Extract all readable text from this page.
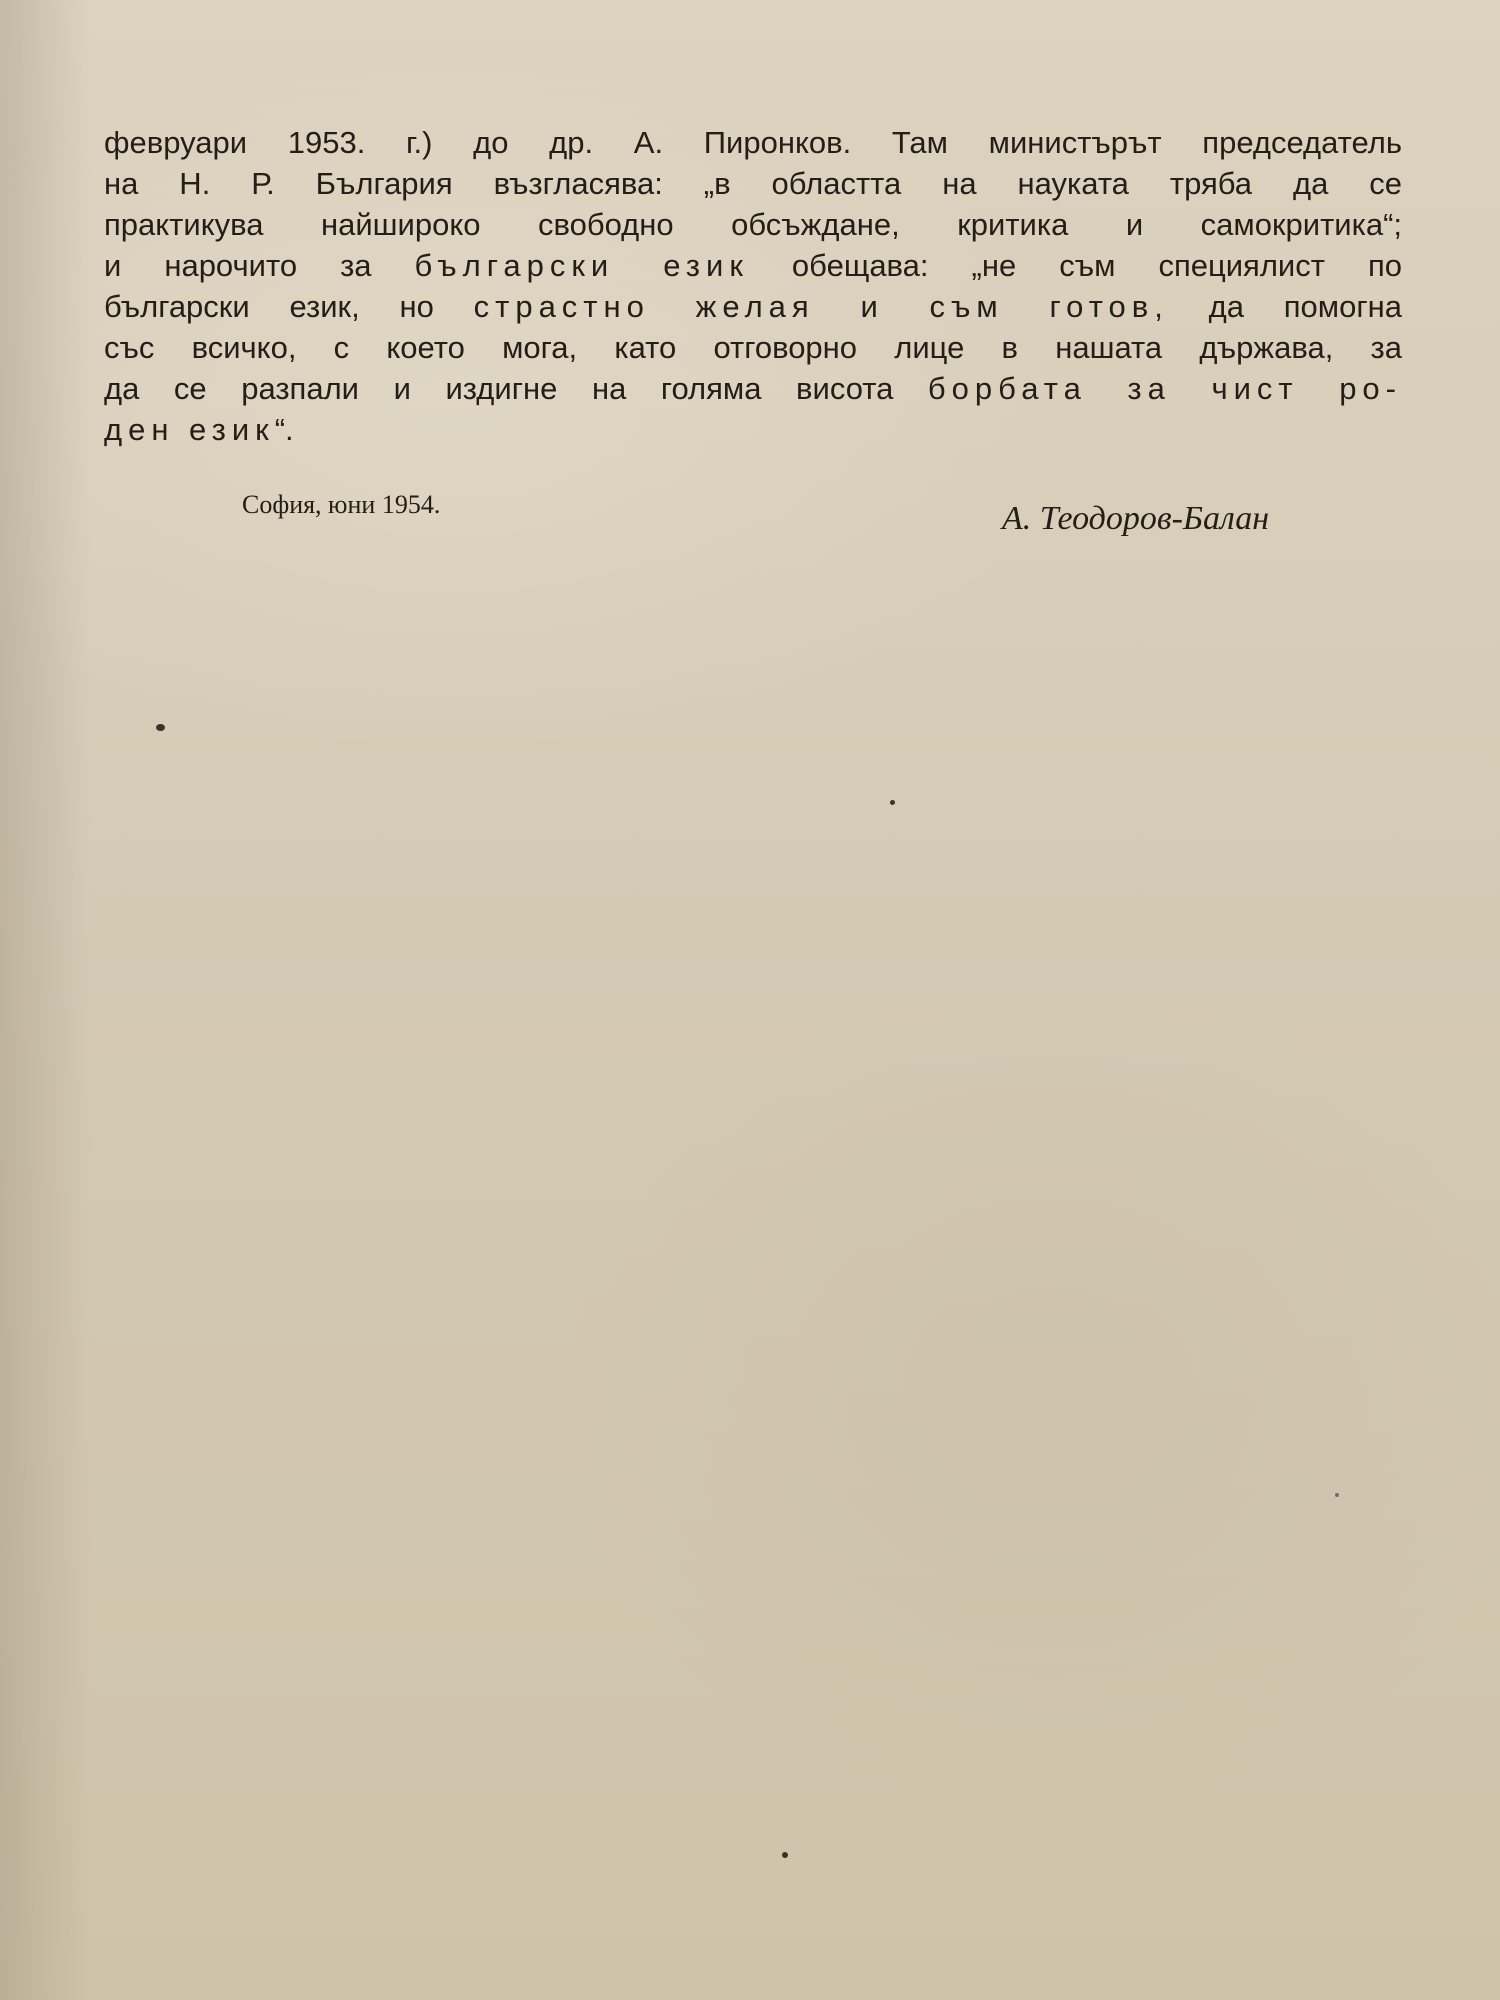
февруари 1953. г.) до др. А. Пиронков. Там министърът председатель
на Н. Р. България възгласява: „в областта на науката тряба да се
практикува найшироко свободно обсъждане, критика и самокритика“;
и нарочито за български език обещава: „не съм специялист по
български език, но страстно желая и съм готов, да помогна
със всичко, с което мога, като отговорно лице в нашата държава, за
да се разпали и издигне на голяма висота борбата за чист ро-
ден език“.
София, юни 1954.	А. Теодоров-Балан
